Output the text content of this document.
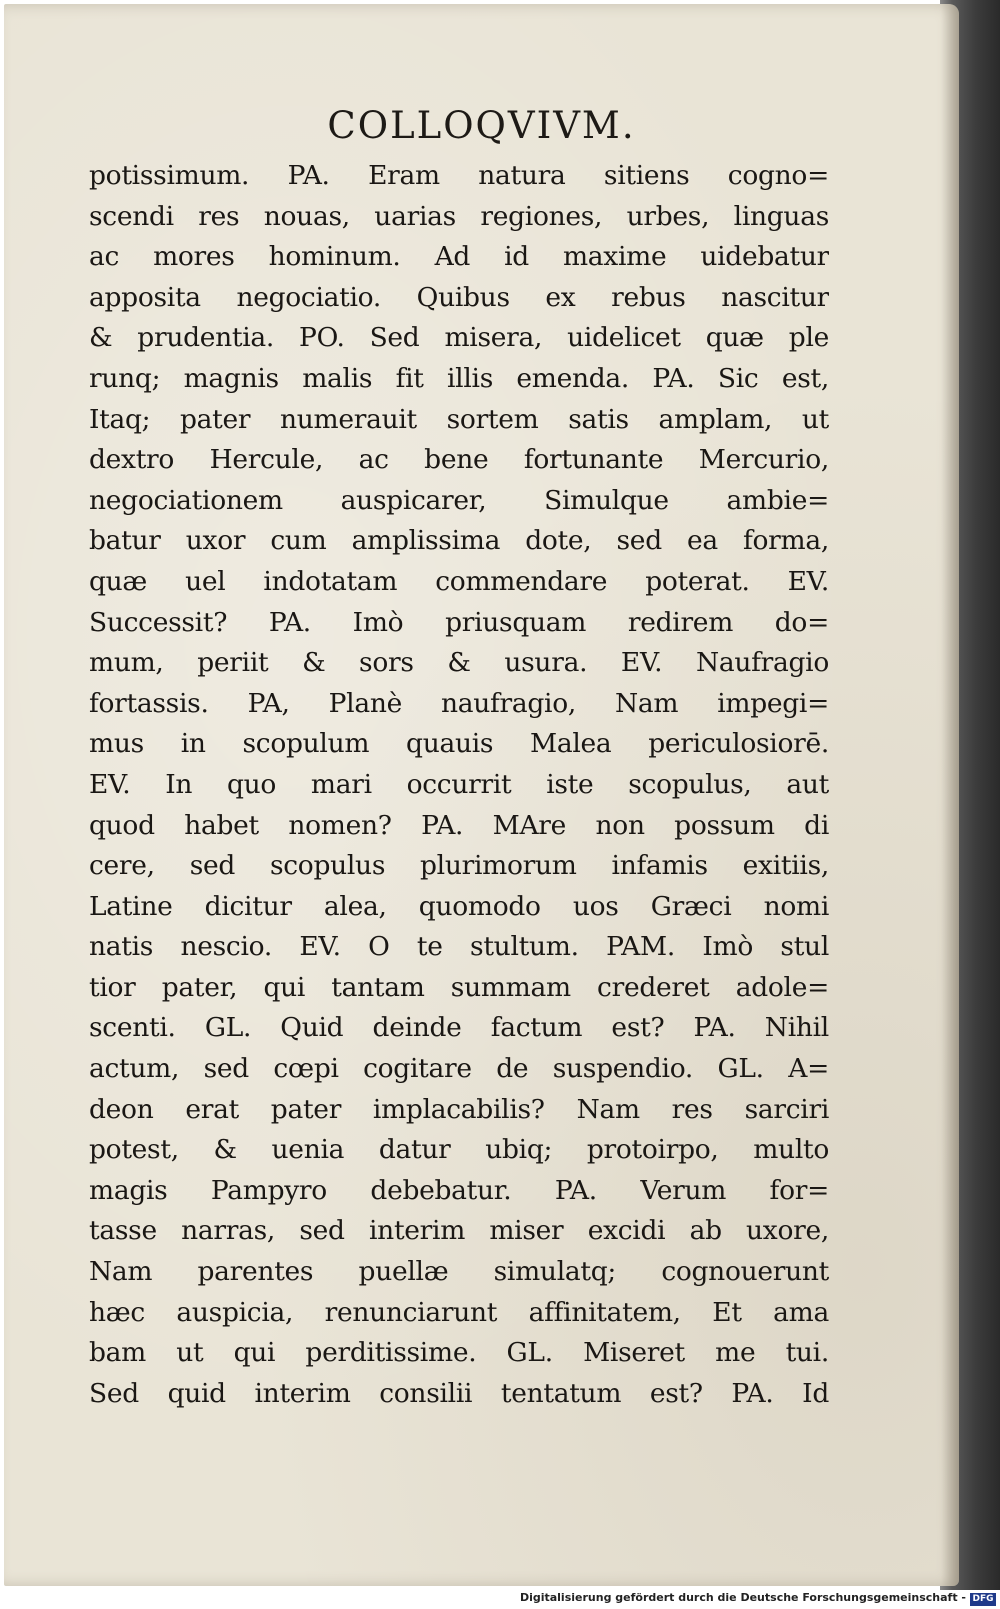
COLLOQVIVM.
potissimum. PA. Eram natura sitiens cogno=
scendi res nouas, uarias regiones, urbes, linguas
ac mores hominum. Ad id maxime uidebatur
apposita negociatio. Quibus ex rebus nascitur
& prudentia. PO. Sed misera, uidelicet quæ ple
runq; magnis malis fit illis emenda. PA. Sic est,
Itaq; pater numerauit sortem satis amplam, ut
dextro Hercule, ac bene fortunante Mercurio,
negociationem auspicarer, Simulque ambie=
batur uxor cum amplissima dote, sed ea forma,
quæ uel indotatam commendare poterat. EV.
Successit? PA. Imò priusquam redirem do=
mum, periit & sors & usura. EV. Naufragio
fortassis. PA, Planè naufragio, Nam impegi=
mus in scopulum quauis Malea periculosiorē.
EV. In quo mari occurrit iste scopulus, aut
quod habet nomen? PA. MAre non possum di
cere, sed scopulus plurimorum infamis exitiis,
Latine dicitur alea, quomodo uos Græci nomi
natis nescio. EV. O te stultum. PAM. Imò stul
tior pater, qui tantam summam crederet adole=
scenti. GL. Quid deinde factum est? PA. Nihil
actum, sed cœpi cogitare de suspendio. GL. A=
deon erat pater implacabilis? Nam res sarciri
potest, & uenia datur ubiq; protoirpo, multo
magis Pampyro debebatur. PA. Verum for=
tasse narras, sed interim miser excidi ab uxore,
Nam parentes puellæ simulatq; cognouerunt
hæc auspicia, renunciarunt affinitatem, Et ama
bam ut qui perditissime. GL. Miseret me tui.
Sed quid interim consilii tentatum est? PA. Id
Digitalisierung gefördert durch die Deutsche Forschungsgemeinschaft - DFG
